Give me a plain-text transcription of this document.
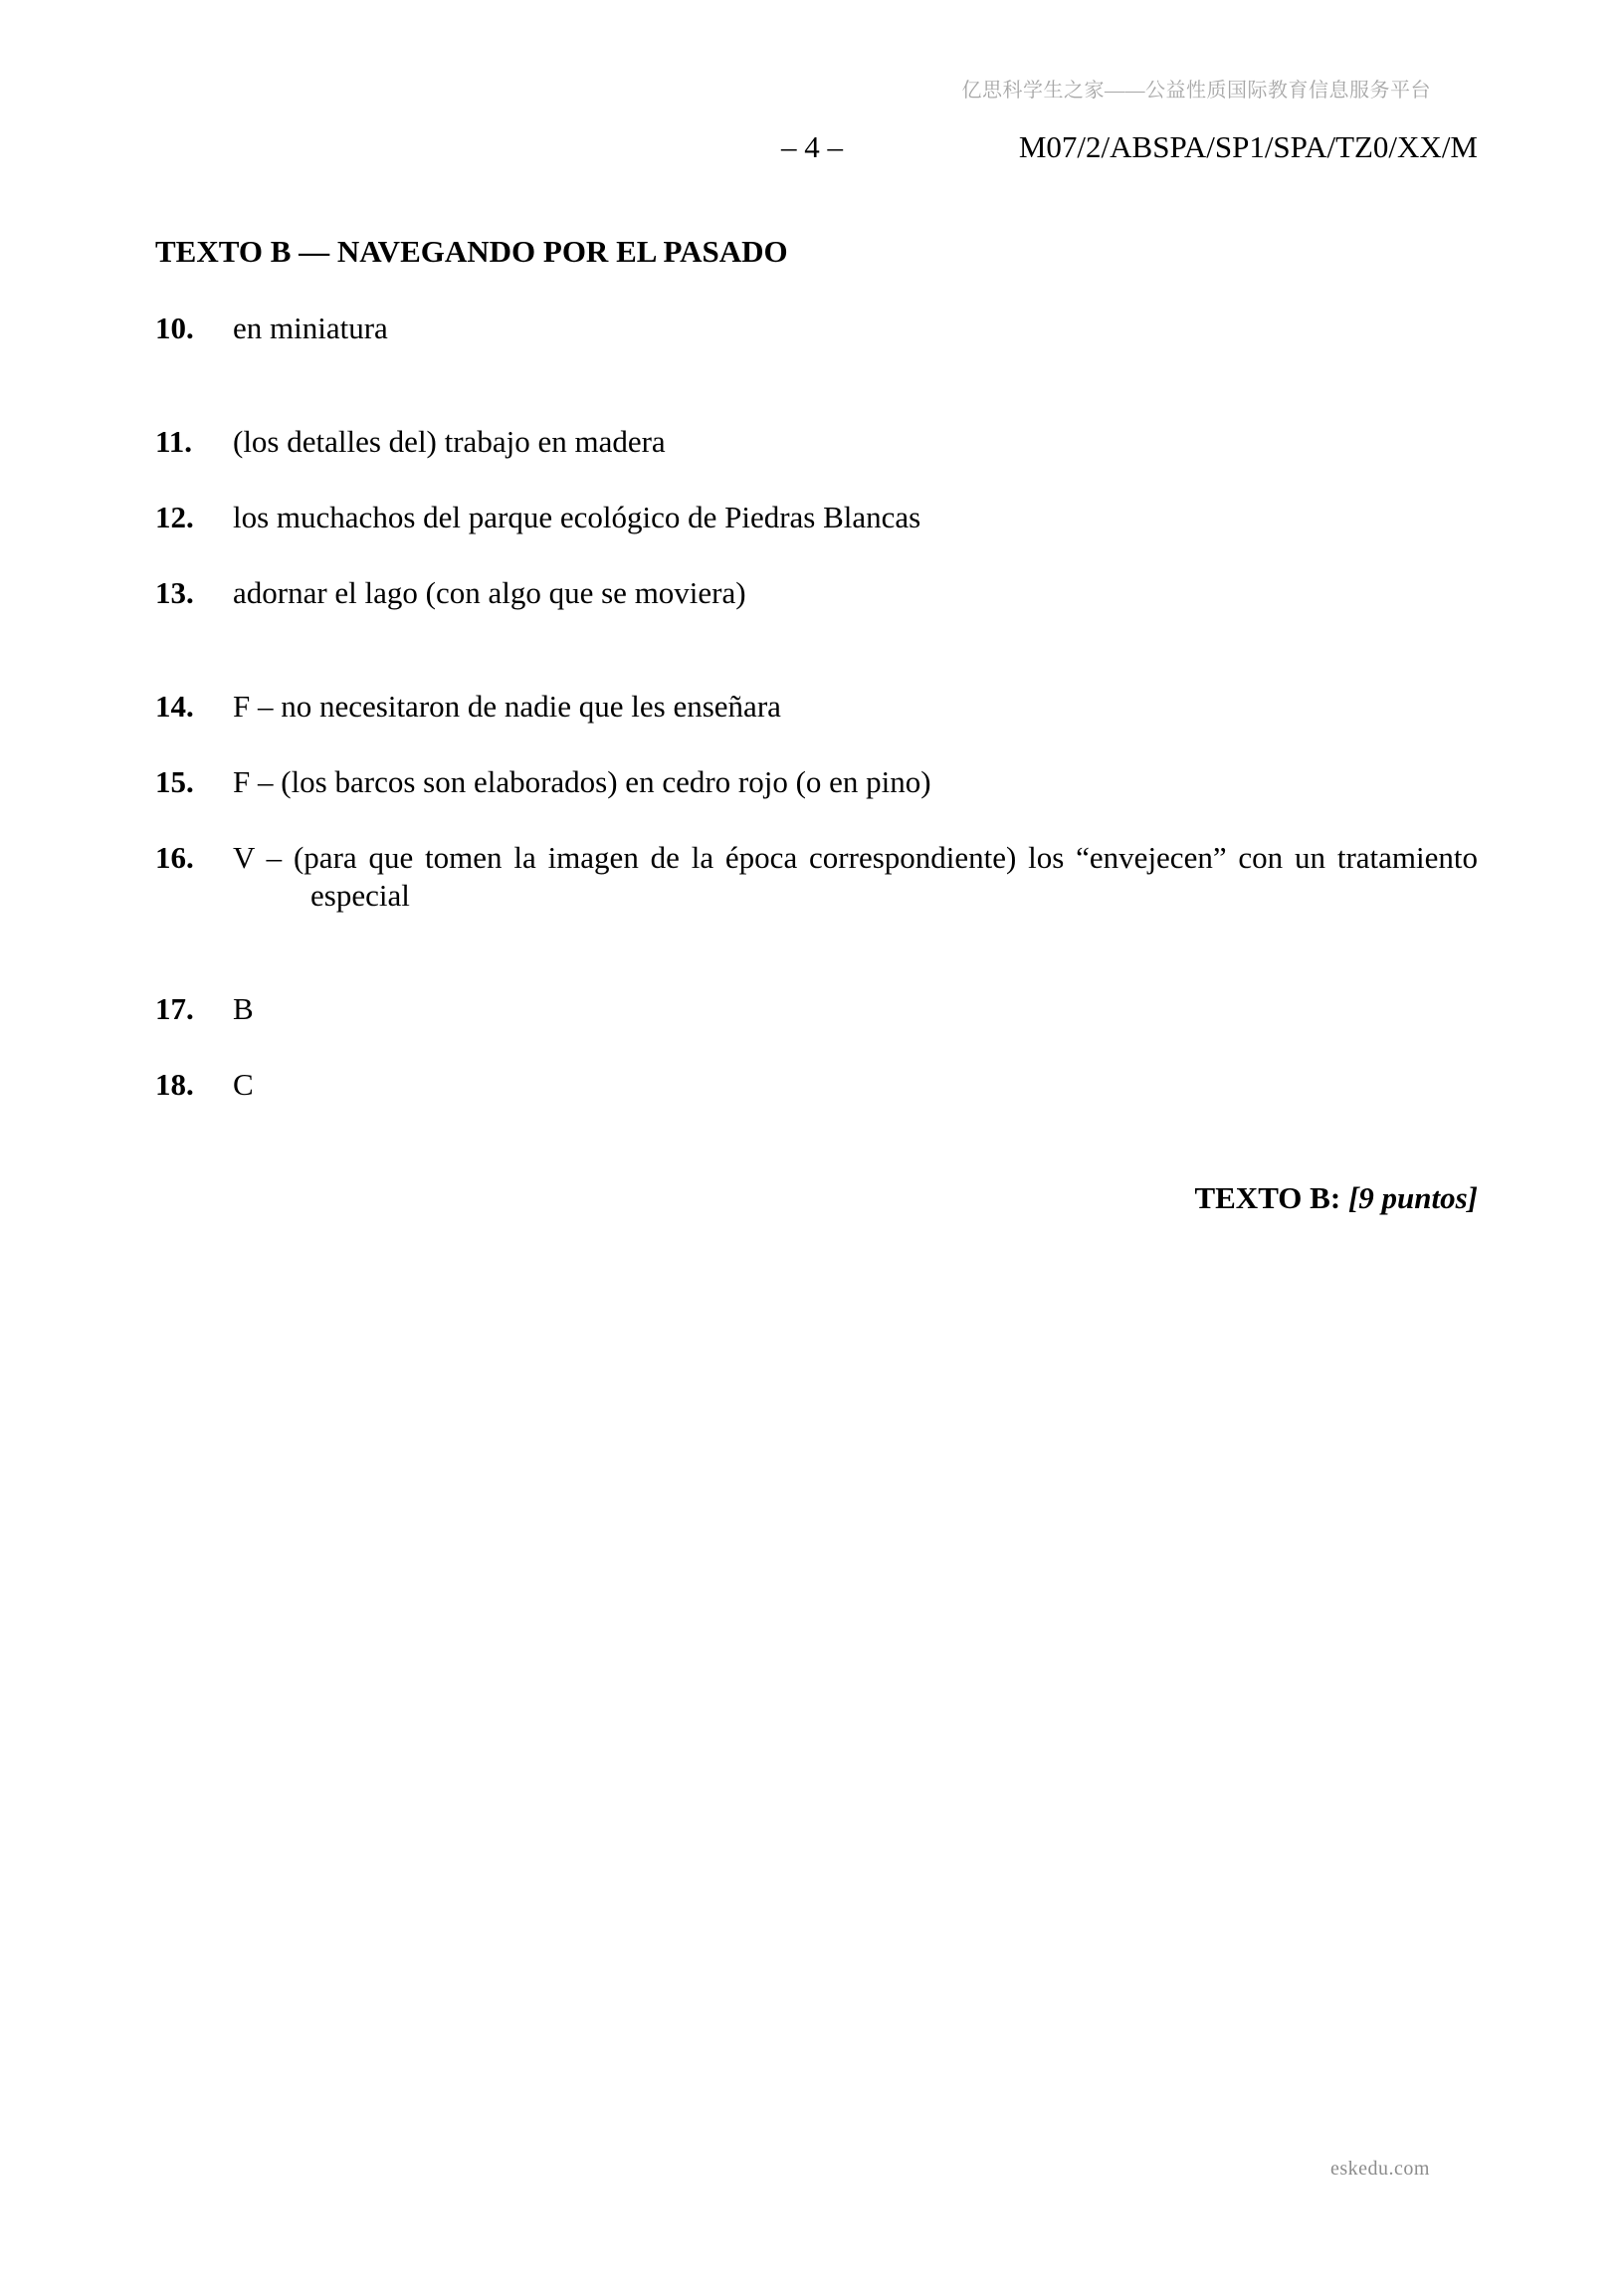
亿思科学生之家——公益性质国际教育信息服务平台
– 4 –	M07/2/ABSPA/SP1/SPA/TZ0/XX/M
TEXTO B — NAVEGANDO POR EL PASADO
10. en miniatura
11. (los detalles del) trabajo en madera
12. los muchachos del parque ecológico de Piedras Blancas
13. adornar el lago (con algo que se moviera)
14. F – no necesitaron de nadie que les enseñara
15. F – (los barcos son elaborados) en cedro rojo (o en pino)
16. V – (para que tomen la imagen de la época correspondiente) los “envejecen” con un tratamiento especial
17. B
18. C
TEXTO B: [9 puntos]
eskedu.com
